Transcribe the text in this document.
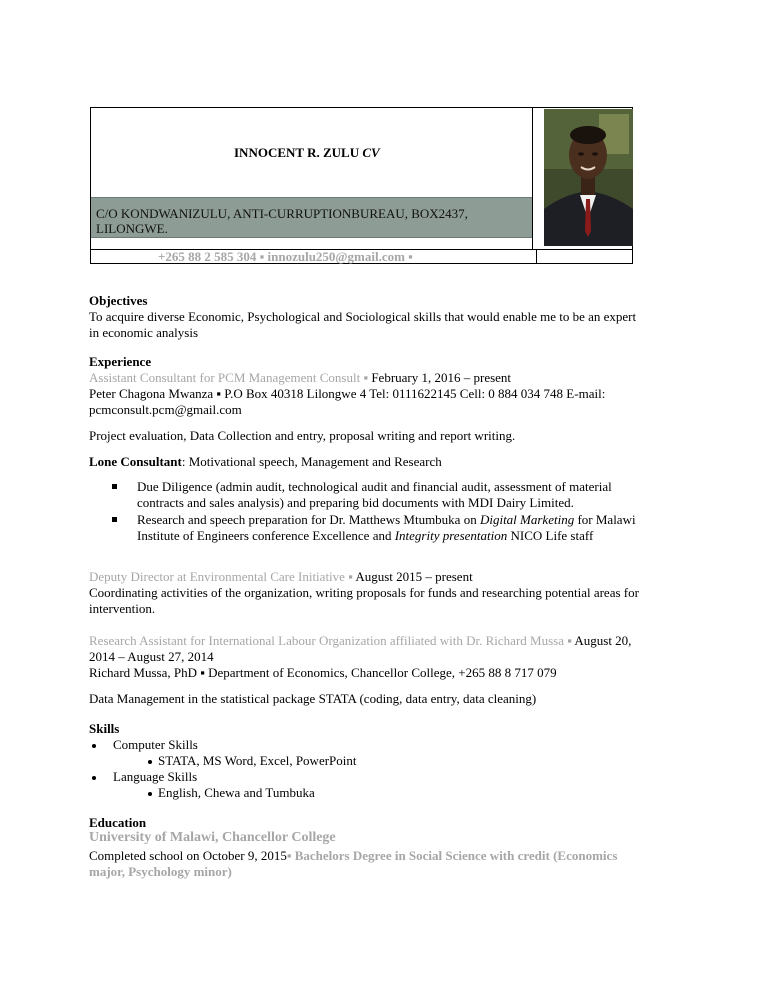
INNOCENT R. ZULU CV
C/O KONDWANIZULU, ANTI-CURRUPTIONBUREAU, BOX2437, LILONGWE.
+265 88 2 585 304 ▪ innozulu250@gmail.com ▪
Objectives
To acquire diverse Economic, Psychological and Sociological skills that would enable me to be an expert
in economic analysis
Experience
Assistant Consultant for PCM Management Consult ▪ February 1, 2016 – present
Peter Chagona Mwanza ▪ P.O Box 40318 Lilongwe 4 Tel: 0111622145 Cell: 0 884 034 748 E-mail:
pcmconsult.pcm@gmail.com
Project evaluation, Data Collection and entry, proposal writing and report writing.
Lone Consultant: Motivational speech, Management and Research
Due Diligence (admin audit, technological audit and financial audit, assessment of material
contracts and sales analysis) and preparing bid documents with MDI Dairy Limited.
Research and speech preparation for Dr. Matthews Mtumbuka on Digital Marketing for Malawi
Institute of Engineers conference Excellence and Integrity presentation NICO Life staff
Deputy Director at Environmental Care Initiative ▪ August 2015 – present
Coordinating activities of the organization, writing proposals for funds and researching potential areas for
intervention.
Research Assistant for International Labour Organization affiliated with Dr. Richard Mussa ▪ August 20,
2014 – August 27, 2014
Richard Mussa, PhD ▪ Department of Economics, Chancellor College, +265 88 8 717 079
Data Management in the statistical package STATA (coding, data entry, data cleaning)
Skills
Computer Skills
STATA, MS Word, Excel, PowerPoint
Language Skills
English, Chewa and Tumbuka
Education
University of Malawi, Chancellor College
Completed school on October 9, 2015▪ Bachelors Degree in Social Science with credit (Economics
major, Psychology minor)
